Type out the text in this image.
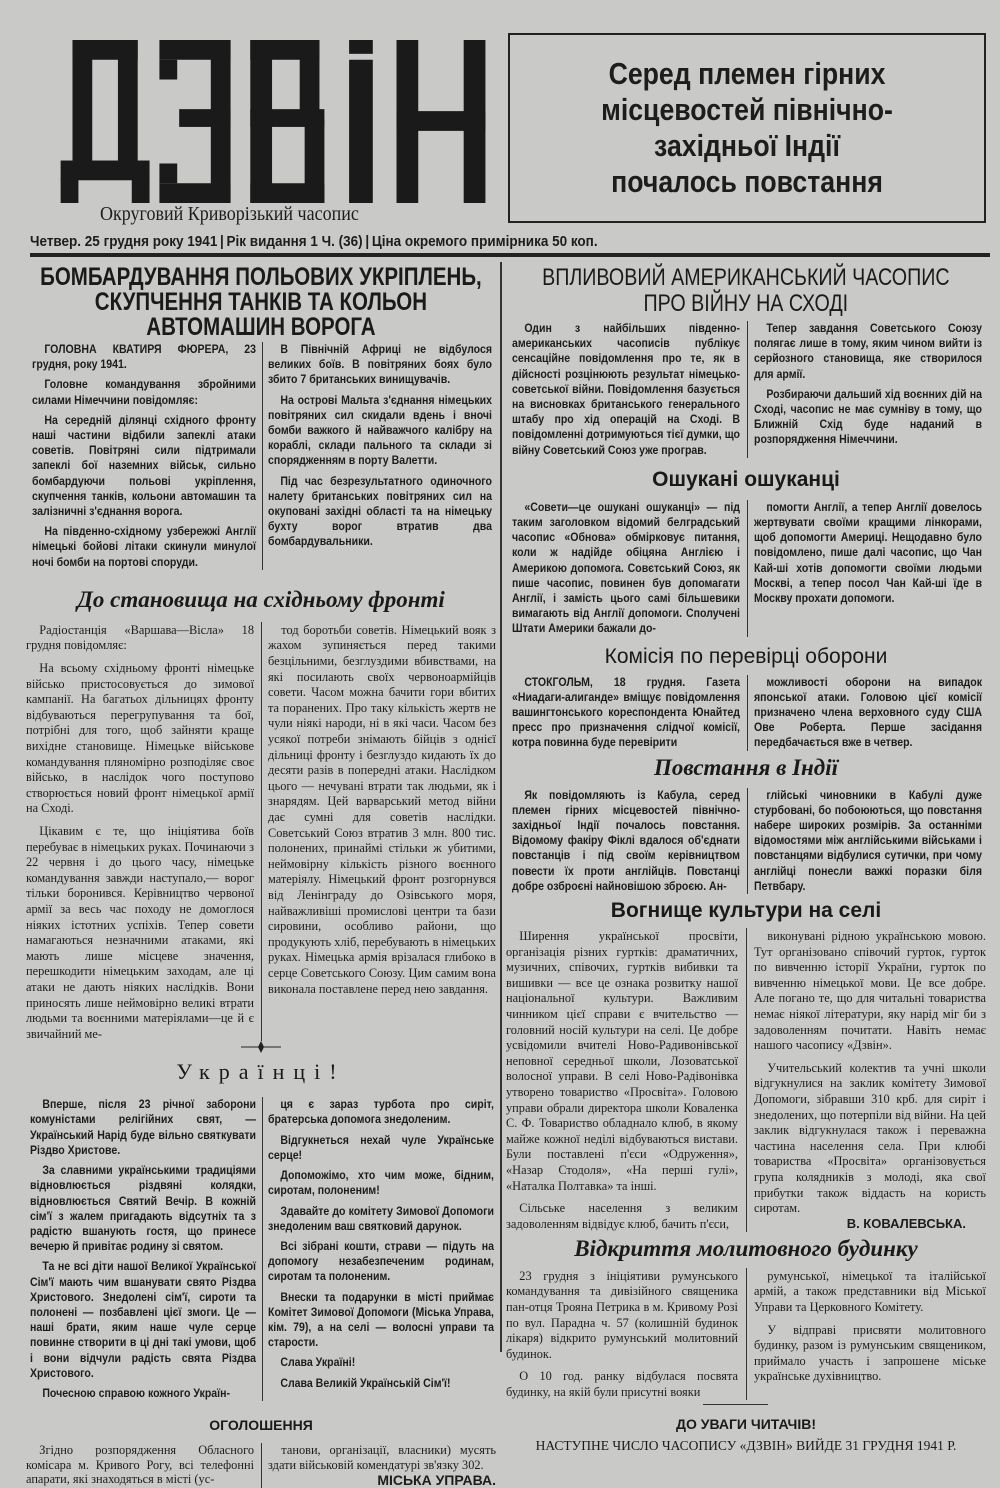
Округовий Криворізький часопис
Серед племен гірних
місцевостей північно-
західньої Індії
почалось повстання
Четвер. 25 грудня року 1941 | Рік видання 1 Ч. (36) | Ціна окремого примірника 50 коп.
БОМБАРДУВАННЯ ПОЛЬОВИХ УКРІПЛЕНЬ,
СКУПЧЕННЯ ТАНКІВ ТА КОЛЬОН
АВТОМАШИН ВОРОГА

ГОЛОВНА КВАТИРЯ ФЮРЕРА, 23 грудня, року 1941.

Головне командування збройними силами Німеччини повідомляє:

На середній ділянці східного фронту наші частини відбили запеклі атаки советів. Повітряні сили підтримали запеклі бої наземних військ, сильно бомбардуючи польові укріплення, скупчення танків, кольони автомашин та залізничні з'єднання ворога.

На південно-східному узбережжі Англії німецькі бойові літаки скинули минулої ночі бомби на портові споруди.

В Північній Африці не відбулося великих боїв. В повітряних боях було збито 7 британських винищувачів.

На острові Мальта з'єднання німецьких повітряних сил скидали вдень і вночі бомби важкого й найважчого калібру на кораблі, склади пального та склади зі спорядженням в порту Валетти.

Під час безрезультатного одиночного налету британських повітряних сил на окуповані західні області та на німецьку бухту ворог втратив два бомбардувальники.

До становища на східньому фронті

Радіостанція «Варшава—Вісла» 18 грудня повідомляє:

На всьому східньому фронті німецьке військо пристосовується до зимової кампанії. На багатьох дільницях фронту відбуваються перегрупування та бої, потрібні для того, щоб зайняти краще вихідне становище. Німецьке військове командування пляномірно розподіляє своє військо, в наслідок чого поступово створюється новий фронт німецької армії на Сході.

Цікавим є те, що ініціятива боїв перебуває в німецьких руках. Починаючи з 22 червня і до цього часу, німецьке командування завжди наступало,— ворог тільки боронився. Керівництво червоної армії за весь час походу не домоглося ніяких істотних успіхів. Тепер совети намагаються незначними атаками, які мають лише місцеве значення, перешкодити німецьким заходам, але ці атаки не дають ніяких наслідків. Вони приносять лише неймовірно великі втрати людьми та воєнними матеріялами—це й є звичайний ме-

тод боротьби советів. Німецький вояк з жахом зупиняється перед такими безцільними, безглуздими вбивствами, на які посилають своїх червоноармійців совети. Часом можна бачити гори вбитих та поранених. Про таку кількість жертв не чули ніякі народи, ні в які часи. Часом без усякої потреби знімають бійців з однієї дільниці фронту і безглуздо кидають їх до десяти разів в попередні атаки. Наслідком цього — нечувані втрати так людьми, як і знарядям. Цей варварський метод війни дає сумні для советів наслідки. Советський Союз втратив 3 млн. 800 тис. полонених, принаймі стільки ж убитими, неймовірну кількість різного воєнного матеріялу. Німецький фронт розгорнувся від Ленінграду до Озівського моря, найважливіші промислові центри та бази сировини, особливо райони, що продукують хліб, перебувають в німецьких руках. Німецька армія врізалася глибоко в серце Советського Союзу. Цим самим вона виконала поставлене перед нею завдання.

Українці!

Вперше, після 23 річної заборони комуністами релігійних свят, — Український Нарід буде вільно святкувати Різдво Христове.

За славними українськими традиціями відновлюється різдвяні колядки, відновлюється Святий Вечір. В кожній сім'ї з жалем пригадають відсутніх та з радістю вшанують гостя, що принесе вечерю й привітає родину зі святом.

Та не всі діти нашої Великої Української Сім'ї мають чим вшанувати свято Різдва Христового. Знедолені сім'ї, сироти та полонені — позбавлені цієї змоги. Це — наші брати, яким наше чуле серце повинне створити в ці дні такі умови, щоб і вони відчули радість свята Різдва Христового.

Почесною справою кожного Україн-

ця є зараз турбота про сиріт, братерська допомога знедоленим.

Відгукнеться нехай чуле Українське серце!

Допоможімо, хто чим може, бідним, сиротам, полоненим!

Здавайте до комітету Зимової Допомоги знедоленим ваш святковий дарунок.

Всі зібрані кошти, страви — підуть на допомогу незабезпеченим родинам, сиротам та полоненим.

Внески та подарунки в місті приймає Комітет Зимової Допомоги (Міська Управа, кім. 79), а на селі — волосні управи та старости.

Слава Україні!

Слава Великій Українській Сім'ї!

ОГОЛОШЕННЯ

Згідно розпорядження Обласного комісара м. Кривого Рогу, всі телефонні апарати, які знаходяться в місті (ус-

танови, організації, власники) мусять здати військовій комендатурі зв'язку 302.

МІСЬКА УПРАВА.
ВПЛИВОВИЙ АМЕРИКАНСЬКИЙ ЧАСОПИС
ПРО ВІЙНУ НА СХОДІ

Один з найбільших південно-американських часописів публікує сенсаційне повідомлення про те, як в дійсності розцінюють результат німецько-советської війни. Повідомлення базується на висновках британського генерального штабу про хід операцій на Сході. В повідомленні дотримуються тієї думки, що війну Советський Союз уже програв.

Тепер завдання Советського Союзу полягає лише в тому, яким чином вийти із серйозного становища, яке створилося для армії.

Розбираючи дальший хід воєнних дій на Сході, часопис не має сумніву в тому, що Ближній Схід буде наданий в розпорядження Німеччини.

Ошукані ошуканці

«Совети—це ошукані ошуканці» — під таким заголовком відомий белградський часопис «Обнова» обмірковує питання, коли ж надійде обіцяна Англією і Америкою допомога. Совєтський Союз, як пише часопис, повинен був допомагати Англії, і замість цього самі більшевики вимагають від Англії допомоги. Сполучені Штати Америки бажали до-

помогти Англії, а тепер Англії довелось жертвувати своїми кращими лінкорами, щоб допомогти Америці. Нещодавно було повідомлено, пише далі часопис, що Чан Кай-ші хотів допомогти своїми людьми Москві, а тепер посол Чан Кай-ші їде в Москву прохати допомоги.

Комісія по перевірці оборони

СТОКГОЛЬМ, 18 грудня. Газета «Ниадаги-алиганде» вміщує повідомлення вашингтонського кореспондента Юнайтед пресс про призначення слідчої комісії, котра повинна буде перевірити

можливості оборони на випадок японської атаки. Головою цієї комісії призначено члена верховного суду США Ове Роберта. Перше засідання передбачається вже в четвер.

Повстання в Індії

Як повідомляють із Кабула, серед племен гірних місцевостей північно-західньої Індії почалось повстання. Відомому факіру Фіклі вдалося об'єднати повстанців і під своїм керівництвом повести їх проти англійців. Повстанці добре озброєні найновішою зброєю. Ан-

глійські чиновники в Кабулі дуже стурбовані, бо побоюються, що повстання набере широких розмірів. За останніми відомостями між англійськими військами і повстанцями відбулися сутички, при чому англійці понесли важкі поразки біля Петвбару.

Вогнище культури на селі

Ширення української просвіти, організація різних гуртків: драматичних, музичних, співочих, гуртків вибивки та вишивки — все це ознака розвитку нашої національної культури. Важливим чинником цієї справи є вчительство — головний носій культури на селі. Це добре усвідомили вчителі Ново-Радивонівської неповної середньої школи, Лозоватської волосної управи. В селі Ново-Радівонівка утворено товариство «Просвіта». Головою управи обрали директора школи Коваленка С. Ф. Товариство обладнало клюб, в якому майже кожної неділі відбуваються вистави. Були поставлені п'єси «Одруження», «Назар Стодоля», «На перші гулі», «Наталка Полтавка» та інші.

Сільське населення з великим задоволенням відвідує клюб, бачить п'єси,

виконувані рідною українською мовою. Тут організовано співочий гурток, гурток по вивченню історії України, гурток по вивченню німецької мови. Це все добре. Але погано те, що для читальні товариства немає ніякої літератури, яку нарід міг би з задоволенням почитати. Навіть немає нашого часопису «Дзвін».

Учительський колектив та учні школи відгукнулися на заклик комітету Зимової Допомоги, зібравши 310 крб. для сиріт і знедолених, що потерпіли від війни. На цей заклик відгукнулася також і переважна частина населення села. При клюбі товариства «Просвіта» організовується група колядників з молоді, яка свої прибутки також віддасть на користь сиротам.

В. КОВАЛЕВСЬКА.
Відкриття молитовного будинку

23 грудня з ініціятиви румунського командування та дивізійного священика пан-отця Трояна Петрика в м. Кривому Розі по вул. Парадна ч. 57 (колишній будинок лікаря) відкрито румунський молитовний будинок.

О 10 год. ранку відбулася посвята будинку, на якій були присутні вояки

румунської, німецької та італійської армій, а також представники від Міської Управи та Церковного Комітету.

У відправі присвяти молитовного будинку, разом із румунським священиком, приймало участь і запрошене міське українське духівництво.

ДО УВАГИ ЧИТАЧІВ!
НАСТУПНЕ ЧИСЛО ЧАСОПИСУ «ДЗВІН» ВИЙДЕ 31 ГРУДНЯ 1941 Р.
